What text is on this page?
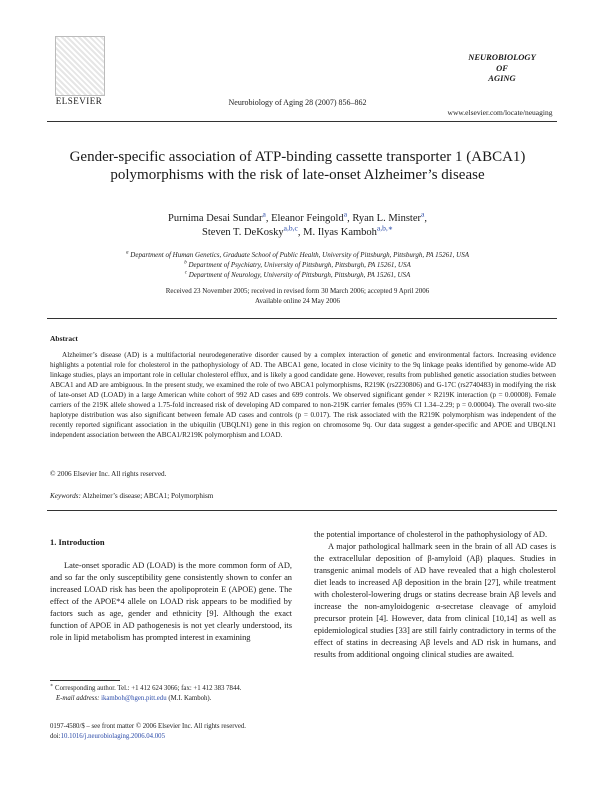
ELSEVIER	Neurobiology of Aging 28 (2007) 856–862
NEUROBIOLOGY
OF
AGING
www.elsevier.com/locate/neuaging
Gender-specific association of ATP-binding cassette transporter 1 (ABCA1) polymorphisms with the risk of late-onset Alzheimer’s disease
Purnima Desai Sundar$^a$, Eleanor Feingold$^a$, Ryan L. Minster$^a$,
Steven T. DeKosky$^{a,b,c}$, M. Ilyas Kamboh$^{a,b,∗}$
$^a$ Department of Human Genetics, Graduate School of Public Health, University of Pittsburgh, Pittsburgh, PA 15261, USA
$^b$ Department of Psychiatry, University of Pittsburgh, Pittsburgh, PA 15261, USA
$^c$ Department of Neurology, University of Pittsburgh, Pittsburgh, PA 15261, USA
Received 23 November 2005; received in revised form 30 March 2006; accepted 9 April 2006
Available online 24 May 2006
Abstract

Alzheimer’s disease (AD) is a multifactorial neurodegenerative disorder caused by a complex interaction of genetic and environmental factors. Increasing evidence highlights a potential role for cholesterol in the pathophysiology of AD. The ABCA1 gene, located in close vicinity to the 9q linkage peaks identified by genome-wide AD linkage studies, plays an important role in cellular cholesterol efflux, and is likely a good candidate gene. However, results from published genetic association studies between ABCA1 and AD are ambiguous. In the present study, we examined the role of two ABCA1 polymorphisms, R219K (rs2230806) and G-17C (rs2740483) in modifying the risk of late-onset AD (LOAD) in a large American white cohort of 992 AD cases and 699 controls. We observed significant gender × R219K interaction (p = 0.00008). Female carriers of the 219K allele showed a 1.75-fold increased risk of developing AD compared to non-219K carrier females (95% CI 1.34–2.29; p = 0.00004). The overall two-site haplotype distribution was also significant between female AD cases and controls (p = 0.017). The risk associated with the R219K polymorphism was independent of the recently reported significant association in the ubiquilin (UBQLN1) gene in this region on chromosome 9q. Our data suggest a gender-specific and APOE and UBQLN1 independent association between the ABCA1/R219K polymorphism and LOAD.

© 2006 Elsevier Inc. All rights reserved.
Keywords: Alzheimer’s disease; ABCA1; Polymorphism
1. Introduction

Late-onset sporadic AD (LOAD) is the more common form of AD, and so far the only susceptibility gene consistently shown to confer an increased LOAD risk has been the apolipoprotein E (APOE) gene. The effect of the APOE*4 allele on LOAD risk appears to be modified by factors such as age, gender and ethnicity [9]. Although the exact function of APOE in AD pathogenesis is not yet clearly understood, its role in lipid metabolism has prompted interest in examining

the potential importance of cholesterol in the pathophysiology of AD.

A major pathological hallmark seen in the brain of all AD cases is the extracellular deposition of β-amyloid (Aβ) plaques. Studies in transgenic animal models of AD have revealed that a high cholesterol diet leads to increased Aβ deposition in the brain [27], while treatment with cholesterol-lowering drugs or statins decrease brain Aβ levels and increase the non-amyloidogenic α-secretase cleavage of amyloid precursor protein [4]. However, data from clinical [10,14] as well as epidemiological studies [33] are still fairly contradictory in terms of the effect of statins in decreasing Aβ levels and AD risk in humans, and results from additional ongoing clinical studies are awaited.

∗ Corresponding author. Tel.: +1 412 624 3066; fax: +1 412 383 7844.
E-mail address: ikamboh@hgen.pitt.edu (M.I. Kamboh).
0197-4580/$ – see front matter © 2006 Elsevier Inc. All rights reserved.
doi:10.1016/j.neurobiolaging.2006.04.005
